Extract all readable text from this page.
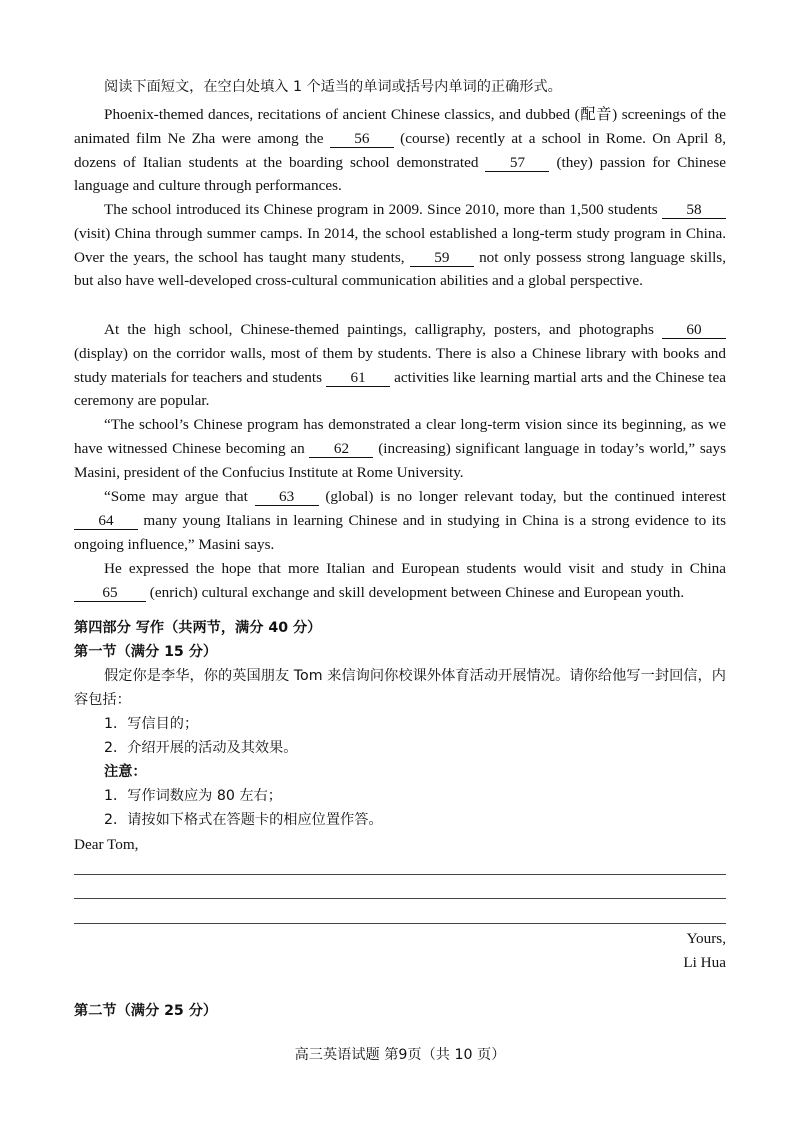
阅读下面短文，在空白处填入 1 个适当的单词或括号内单词的正确形式。

Phoenix-themed dances, recitations of ancient Chinese classics, and dubbed (配音) screenings of the animated film Ne Zha were among the 56 (course) recently at a school in Rome. On April 8, dozens of Italian students at the boarding school demonstrated 57 (they) passion for Chinese language and culture through performances.

The school introduced its Chinese program in 2009. Since 2010, more than 1,500 students 58 (visit) China through summer camps. In 2014, the school established a long-term study program in China. Over the years, the school has taught many students, 59 not only possess strong language skills, but also have well-developed cross-cultural communication abilities and a global perspective.

At the high school, Chinese-themed paintings, calligraphy, posters, and photographs 60 (display) on the corridor walls, most of them by students. There is also a Chinese library with books and study materials for teachers and students 61 activities like learning martial arts and the Chinese tea ceremony are popular.

“The school’s Chinese program has demonstrated a clear long-term vision since its beginning, as we have witnessed Chinese becoming an 62 (increasing) significant language in today’s world,” says Masini, president of the Confucius Institute at Rome University.

“Some may argue that 63 (global) is no longer relevant today, but the continued interest 64 many young Italians in learning Chinese and in studying in China is a strong evidence to its ongoing influence,” Masini says.

He expressed the hope that more Italian and European students would visit and study in China 65 (enrich) cultural exchange and skill development between Chinese and European youth.

第四部分 写作（共两节，满分 40 分）
第一节（满分 15 分）

假定你是李华，你的英国朋友 Tom 来信询问你校课外体育活动开展情况。请你给他写一封回信，内容包括：

1．写信目的；
2．介绍开展的活动及其效果。
注意：
1．写作词数应为 80 左右；
2．请按如下格式在答题卡的相应位置作答。
Dear Tom,
Yours,
Li Hua
第二节（满分 25 分）
高三英语试题 第9页（共 10 页）
